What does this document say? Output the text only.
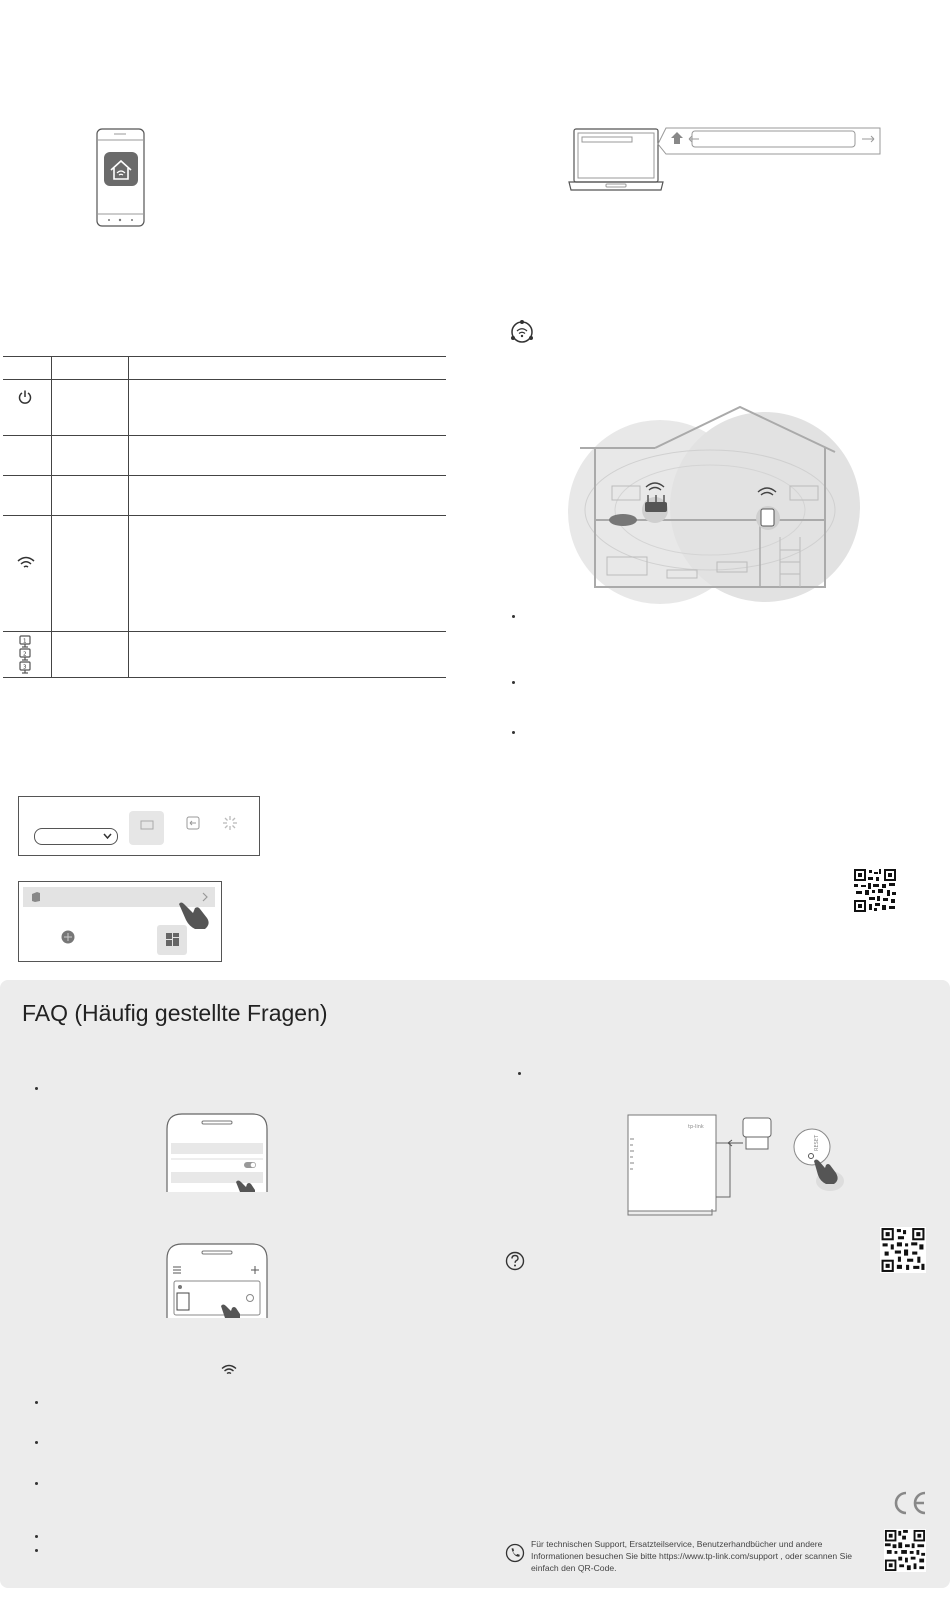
1
2
3
FAQ (Häufig gestellte Fragen)
tp-link
RESET
Für technischen Support, Ersatzteilservice, Benutzerhandbücher und andere Informationen besuchen Sie bitte https://www.tp-link.com/support , oder scannen Sie einfach den QR-Code.
